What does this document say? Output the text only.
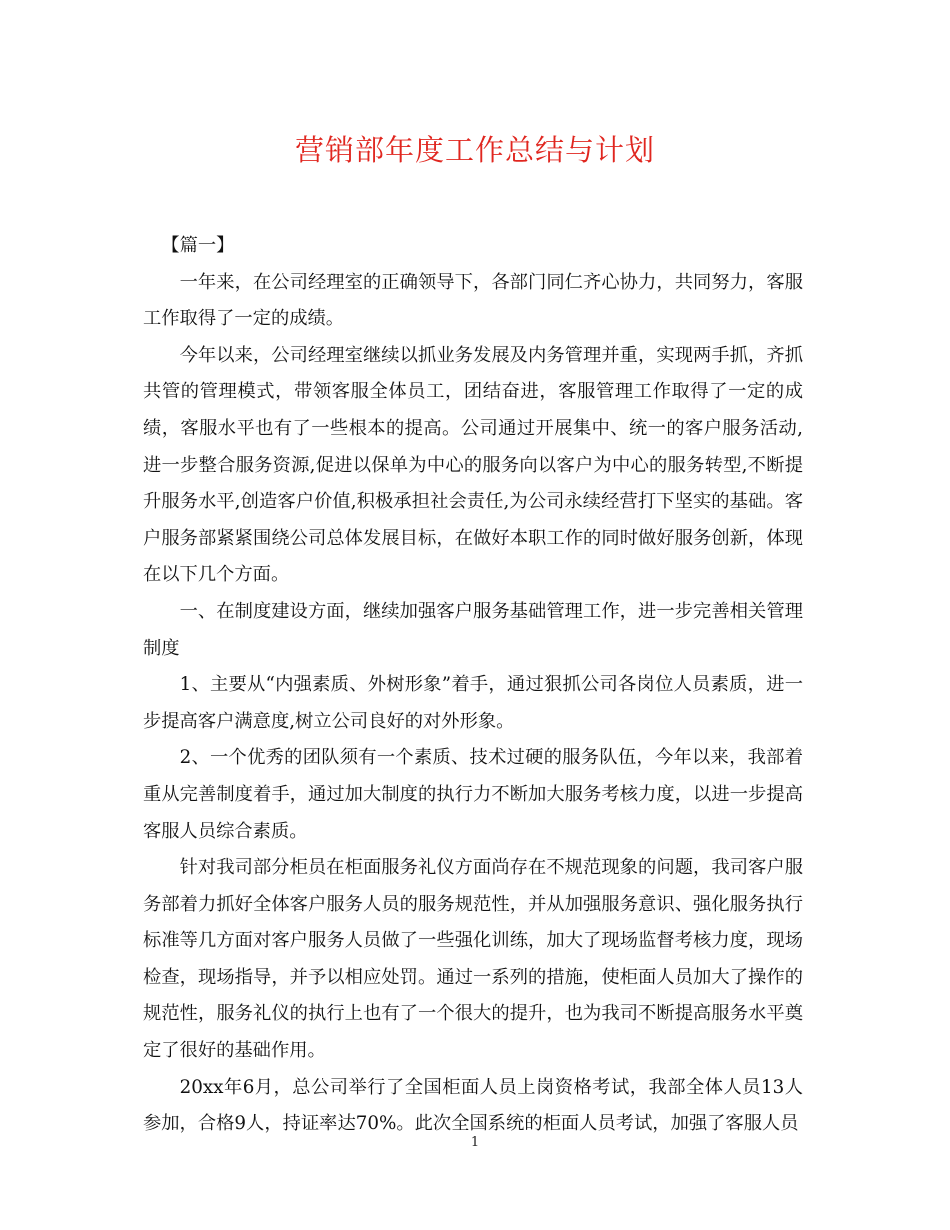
营销部年度工作总结与计划

【篇一】

一年来，在公司经理室的正确领导下，各部门同仁齐心协力，共同努力，客服工作取得了一定的成绩。

今年以来，公司经理室继续以抓业务发展及内务管理并重，实现两手抓，齐抓共管的管理模式，带领客服全体员工，团结奋进，客服管理工作取得了一定的成绩，客服水平也有了一些根本的提高。公司通过开展集中、统一的客户服务活动,进一步整合服务资源,促进以保单为中心的服务向以客户为中心的服务转型,不断提升服务水平,创造客户价值,积极承担社会责任,为公司永续经营打下坚实的基础。客户服务部紧紧围绕公司总体发展目标，在做好本职工作的同时做好服务创新，体现在以下几个方面。

一、在制度建设方面，继续加强客户服务基础管理工作，进一步完善相关管理制度

1、主要从“内强素质、外树形象”着手，通过狠抓公司各岗位人员素质，进一步提高客户满意度,树立公司良好的对外形象。

2、一个优秀的团队须有一个素质、技术过硬的服务队伍，今年以来，我部着重从完善制度着手，通过加大制度的执行力不断加大服务考核力度，以进一步提高客服人员综合素质。

针对我司部分柜员在柜面服务礼仪方面尚存在不规范现象的问题，我司客户服务部着力抓好全体客户服务人员的服务规范性，并从加强服务意识、强化服务执行标准等几方面对客户服务人员做了一些强化训练，加大了现场监督考核力度，现场检查，现场指导，并予以相应处罚。通过一系列的措施，使柜面人员加大了操作的规范性，服务礼仪的执行上也有了一个很大的提升，也为我司不断提高服务水平奠定了很好的基础作用。

20xx年6月，总公司举行了全国柜面人员上岗资格考试，我部全体人员13人参加，合格9人，持证率达70%。此次全国系统的柜面人员考试，加强了客服人员

1
